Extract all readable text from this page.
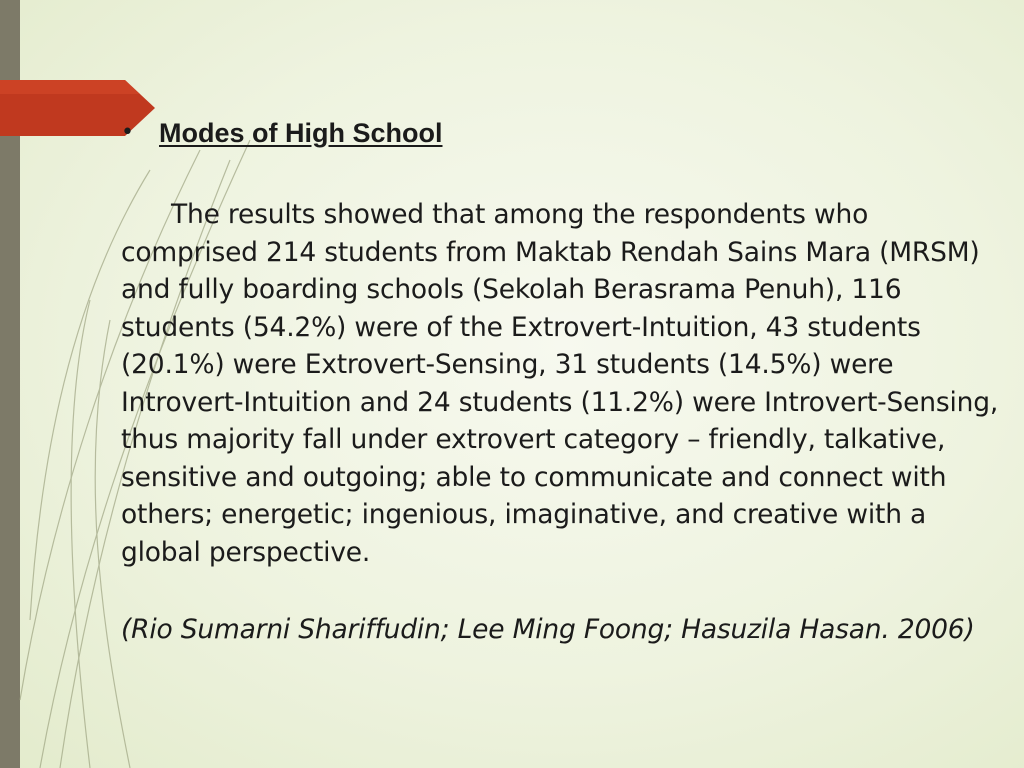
• Modes of High School
The results showed that among the respondents who comprised 214 students from Maktab Rendah Sains Mara (MRSM) and fully boarding schools (Sekolah Berasrama Penuh), 116 students (54.2%) were of the Extrovert-Intuition, 43 students (20.1%) were Extrovert-Sensing, 31 students (14.5%) were Introvert-Intuition and 24 students (11.2%) were Introvert-Sensing, thus majority fall under extrovert category – friendly, talkative, sensitive and outgoing; able to communicate and connect with others; energetic; ingenious, imaginative, and creative with a global perspective.
(Rio Sumarni Shariffudin; Lee Ming Foong; Hasuzila Hasan. 2006)
